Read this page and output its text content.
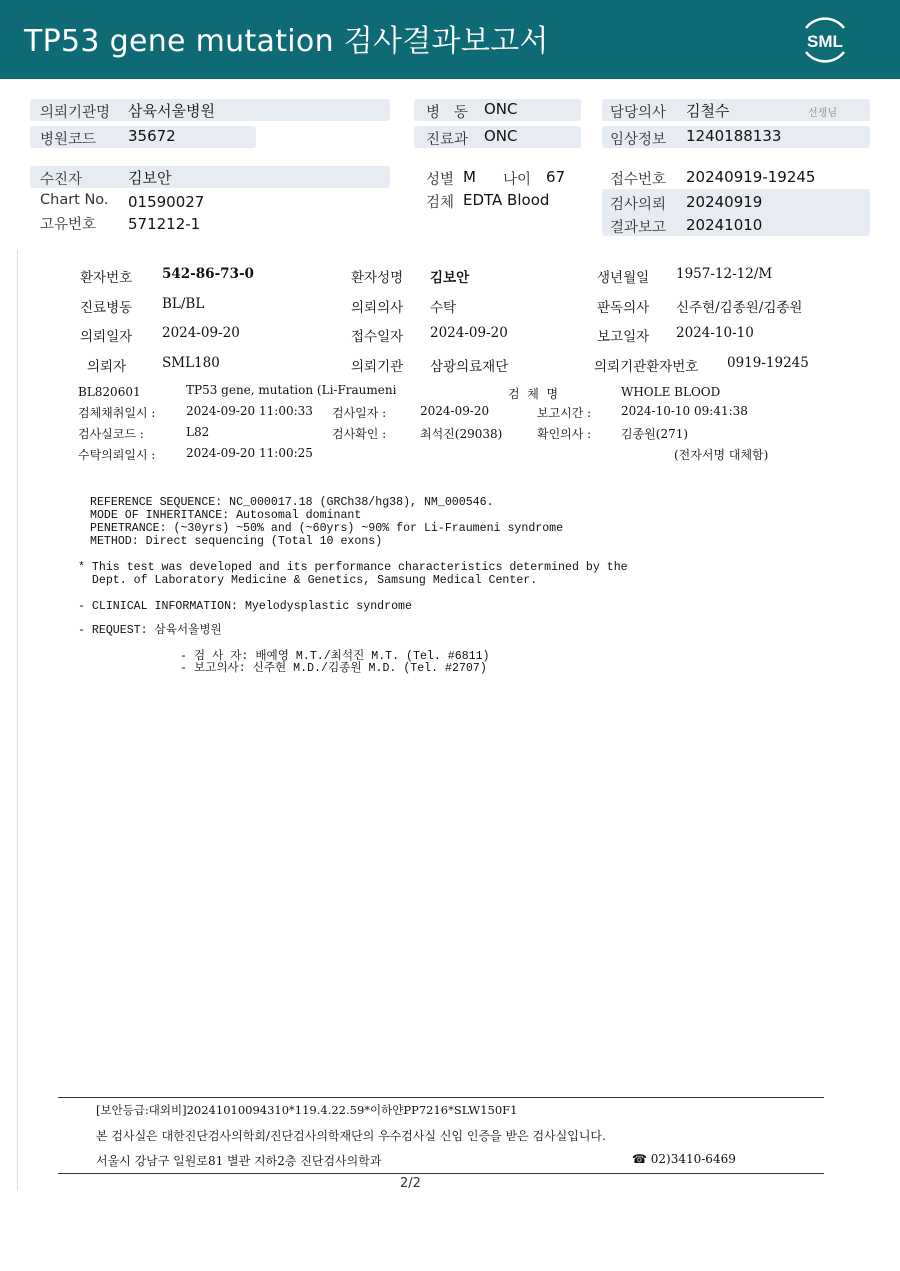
TP53 gene mutation 검사결과보고서	SML
의뢰기관명 삼육서울병원
병원코드 35672
병   동 ONC
진료과 ONC
담당의사 김철수	선생님
임상정보 1240188133
수진자	김보안
Chart No. 01590027
고유번호 571212-1
성별 M 나이 67
검체 EDTA Blood
접수번호 20240919-19245
검사의뢰 20240919
결과보고 20241010
환자번호 542-86-73-0	환자성명 김보안	생년월일 1957-12-12/M
진료병동 BL/BL	의뢰의사 수탁	판독의사 신주현/김종원/김종원
의뢰일자 2024-09-20	접수일자 2024-09-20	보고일자 2024-10-10
의뢰자	SML180	의뢰기관 삼광의료재단	의뢰기관환자번호 0919-19245
BL820601	TP53 gene, mutation (Li-Fraumeni	검  체  명	WHOLE BLOOD
검체채취일시 :	2024-09-20 11:00:33 검사일자 :	2024-09-20	보고시간 : 2024-10-10 09:41:38
검사실코드 :	L82	검사확인 :	최석진(29038)	확인의사 : 김종원(271)
수탁의뢰일시 :	2024-09-20 11:00:25	(전자서명 대체함)
REFERENCE SEQUENCE: NC_000017.18 (GRCh38/hg38), NM_000546.
MODE OF INHERITANCE: Autosomal dominant
PENETRANCE: (~30yrs) ~50% and (~60yrs) ~90% for Li-Fraumeni syndrome
METHOD: Direct sequencing (Total 10 exons)
* This test was developed and its performance characteristics determined by the
Dept. of Laboratory Medicine & Genetics, Samsung Medical Center.
- CLINICAL INFORMATION: Myelodysplastic syndrome
- REQUEST: 삼육서울병원
- 검 사 자: 배예영 M.T./최석진 M.T. (Tel. #6811)
- 보고의사: 신주현 M.D./김종원 M.D. (Tel. #2707)
[보안등급:대외비]20241010094310*119.4.22.59*이하얀PP7216*SLW150F1
본 검사실은 대한진단검사의학회/진단검사의학재단의 우수검사실 신임 인증을 받은 검사실입니다.
서울시 강남구 일원로81 별관 지하2층 진단검사의학과	☎ 02)3410-6469
2/2
